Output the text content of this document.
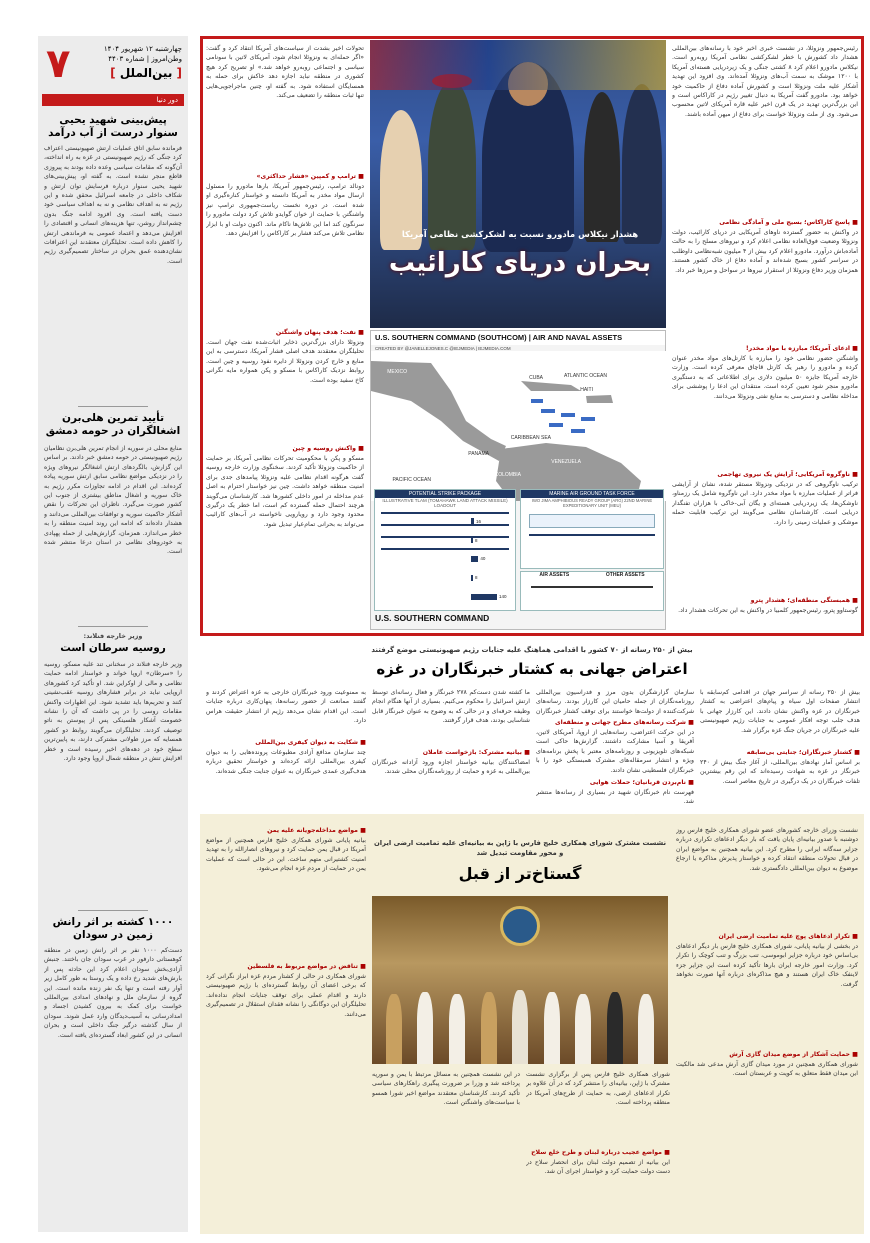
۷	چهارشنبه ۱۲ شهریور ۱۴۰۴
وطن‌امروز | شماره ۴۴۰۳
[ بین‌الملل ]
دور دنیا
پیش‌بینی شهید یحیی سنوار درست از آب درآمد
فرمانده سابق اتاق عملیات ارتش صهیونیستی اعتراف کرد جنگی که رژیم صهیونیستی در غزه به راه انداخته، آن‌گونه که مقامات سیاسی وعده داده بودند به پیروزی قاطع منجر نشده است. به گفته او، پیش‌بینی‌های شهید یحیی سنوار درباره فرسایش توان ارتش و شکاف داخلی در جامعه اسرائیل محقق شده و این رژیم نه به اهداف نظامی و نه به اهداف سیاسی خود دست یافته است. وی افزود ادامه جنگ بدون چشم‌انداز روشن، تنها هزینه‌های انسانی و اقتصادی را افزایش می‌دهد و اعتماد عمومی به فرماندهی ارتش را کاهش داده است. تحلیلگران معتقدند این اعترافات نشان‌دهنده عمق بحران در ساختار تصمیم‌گیری رژیم است.
تأیید تمرین هلی‌برن اشغالگران در حومه دمشق
منابع محلی در سوریه از انجام تمرین هلی‌برن نظامیان رژیم صهیونیستی در حومه دمشق خبر دادند. بر اساس این گزارش، بالگردهای ارتش اشغالگر نیروهای ویژه را در نزدیکی مواضع نظامی سابق ارتش سوریه پیاده کرده‌اند. این اقدام در ادامه تجاوزات مکرر رژیم به خاک سوریه و اشغال مناطق بیشتری از جنوب این کشور صورت می‌گیرد. ناظران این تحرکات را نقض آشکار حاکمیت سوریه و توافقات بین‌المللی می‌دانند و هشدار داده‌اند که ادامه این روند امنیت منطقه را به خطر می‌اندازد. همزمان، گزارش‌هایی از حمله پهپادی به خودروهای نظامی در استان درعا منتشر شده است.
وزیر خارجه فنلاند:
روسیه سرطان است
وزیر خارجه فنلاند در سخنانی تند علیه مسکو، روسیه را «سرطان» اروپا خواند و خواستار ادامه حمایت نظامی و مالی از اوکراین شد. او تأکید کرد کشورهای اروپایی نباید در برابر فشارهای روسیه عقب‌نشینی کنند و تحریم‌ها باید تشدید شود. این اظهارات واکنش مقامات روسی را در پی داشت که آن را نشانه خصومت آشکار هلسینکی پس از پیوستن به ناتو توصیف کردند. تحلیلگران می‌گویند روابط دو کشور همسایه که مرز طولانی مشترکی دارند، به پایین‌ترین سطح خود در دهه‌های اخیر رسیده است و خطر افزایش تنش در منطقه شمال اروپا وجود دارد.
۱۰۰۰ کشته بر اثر رانش زمین در سودان
دست‌کم ۱۰۰۰ نفر بر اثر رانش زمین در منطقه کوهستانی دارفور در غرب سودان جان باختند. جنبش آزادی‌بخش سودان اعلام کرد این حادثه پس از بارش‌های شدید رخ داده و یک روستا به طور کامل زیر آوار رفته است و تنها یک نفر زنده مانده است. این گروه از سازمان ملل و نهادهای امدادی بین‌المللی خواست برای کمک به بیرون کشیدن اجساد و امدادرسانی به آسیب‌دیدگان وارد عمل شوند. سودان از سال گذشته درگیر جنگ داخلی است و بحران انسانی در این کشور ابعاد گسترده‌ای یافته است.
رئیس‌جمهور ونزوئلا، در نشست خبری اخیر خود با رسانه‌های بین‌المللی هشدار داد کشورش با خطر لشکرکشی نظامی آمریکا روبه‌رو است. نیکلاس مادورو اعلام کرد ۸ کشتی جنگی و یک زیردریایی هسته‌ای آمریکا با ۱۲۰۰ موشک به سمت آب‌های ونزوئلا آمده‌اند. وی افزود این تهدید آشکار علیه ملت ونزوئلا است و کشورش آماده دفاع از حاکمیت خود خواهد بود. مادورو گفت آمریکا به دنبال تغییر رژیم در کاراکاس است و این بزرگ‌ترین تهدید در یک قرن اخیر علیه قاره آمریکای لاتین محسوب می‌شود. وی از ملت ونزوئلا خواست برای دفاع از میهن آماده باشند.
■ پاسخ کاراکاس؛ بسیج ملی و آمادگی نظامی
در واکنش به حضور گسترده ناوهای آمریکایی در دریای کارائیب، دولت ونزوئلا وضعیت فوق‌العاده نظامی اعلام کرد و نیروهای مسلح را به حالت آماده‌باش درآورد. مادورو اعلام کرد بیش از ۴ میلیون شبه‌نظامی داوطلب در سراسر کشور بسیج شده‌اند و آماده دفاع از خاک کشور هستند. همزمان وزیر دفاع ونزوئلا از استقرار نیروها در سواحل و مرزها خبر داد.
■ ادعای آمریکا؛ مبارزه با مواد مخدر!
واشنگتن حضور نظامی خود را مبارزه با کارتل‌های مواد مخدر عنوان کرده و مادورو را رهبر یک کارتل قاچاق معرفی کرده است. وزارت خارجه آمریکا جایزه ۵۰ میلیون دلاری برای اطلاعاتی که به دستگیری مادورو منجر شود تعیین کرده است. منتقدان این ادعا را پوششی برای مداخله نظامی و دسترسی به منابع نفتی ونزوئلا می‌دانند.
■ ناوگروه آمریکایی؛ آرایش یک نیروی تهاجمی
ترکیب ناوگروهی که در نزدیکی ونزوئلا مستقر شده، نشان از آرایشی فراتر از عملیات مبارزه با مواد مخدر دارد. این ناوگروه شامل یک رزمناو، ناوشکن‌ها، یک زیردریایی هسته‌ای و یگان آبی-خاکی با هزاران تفنگدار دریایی است. کارشناسان نظامی می‌گویند این ترکیب قابلیت حمله موشکی و عملیات زمینی را دارد.
■ همبستگی منطقه‌ای؛ هشدار پترو
گوستاوو پترو، رئیس‌جمهور کلمبیا در واکنش به این تحرکات هشدار داد.
تحولات اخیر بشدت از سیاست‌های آمریکا انتقاد کرد و گفت: «اگر حمله‌ای به ونزوئلا انجام شود، آمریکای لاتین با سونامی سیاسی و اجتماعی روبه‌رو خواهد شد.» او تصریح کرد هیچ کشوری در منطقه نباید اجازه دهد خاکش برای حمله به همسایگان استفاده شود. به گفته او، چنین ماجراجویی‌هایی تنها ثبات منطقه را تضعیف می‌کند.
■ ترامپ و کمپین «فشار حداکثری»
دونالد ترامپ، رئیس‌جمهور آمریکا، بارها مادورو را مسئول ارسال مواد مخدر به آمریکا دانسته و خواستار کناره‌گیری او شده است. در دوره نخست ریاست‌جمهوری ترامپ نیز واشنگتن با حمایت از خوان گوایدو تلاش کرد دولت مادورو را سرنگون کند اما این تلاش‌ها ناکام ماند. اکنون دولت او با ابزار نظامی تلاش می‌کند فشار بر کاراکاس را افزایش دهد.
■ نفت؛ هدف پنهان واشنگتن
ونزوئلا دارای بزرگ‌ترین ذخایر اثبات‌شده نفت جهان است. تحلیلگران معتقدند هدف اصلی فشار آمریکا، دسترسی به این منابع و خارج کردن ونزوئلا از دایره نفوذ روسیه و چین است. روابط نزدیک کاراکاس با مسکو و پکن همواره مایه نگرانی کاخ سفید بوده است.
■ واکنش روسیه و چین
مسکو و پکن با محکومیت تحرکات نظامی آمریکا، بر حمایت از حاکمیت ونزوئلا تأکید کردند. سخنگوی وزارت خارجه روسیه گفت هرگونه اقدام نظامی علیه ونزوئلا پیامدهای جدی برای امنیت منطقه خواهد داشت. چین نیز خواستار احترام به اصل عدم مداخله در امور داخلی کشورها شد. کارشناسان می‌گویند هرچند احتمال حمله گسترده کم است، اما خطر یک درگیری محدود وجود دارد و رویارویی ناخواسته در آب‌های کارائیب می‌تواند به بحرانی تمام‌عیار تبدیل شود.
هشدار نیکلاس مادورو نسبت به لشکرکشی نظامی آمریکا
بحران دریای کارائیب
U.S. SOUTHERN COMMAND (SOUTHCOM) | AIR AND NAVAL ASSETS
CREATED BY @JANELLEJONES.C @IEJMEDIA | IEJMEDIA.COM
MEXICO
CUBA
HAITI
ATLANTIC OCEAN
CARIBBEAN SEA
PANAMA
COLOMBIA
VENEZUELA
PACIFIC OCEAN
POTENTIAL STRIKE PACKAGE
ILLUSTRATIVE TLAM (TOMAHAWK LAND ATTACK MISSILE) LOADOUT
16
8
40
8
140
MARINE AIR GROUND TASK FORCE
IWO JIMA AMPHIBIOUS READY GROUP (ARG) 22ND MARINE EXPEDITIONARY UNIT (MEU)
AIR ASSETS	OTHER ASSETS
U.S. SOUTHERN COMMAND
بیش از ۲۵۰ رسانه از ۷۰ کشور با اقدامی هماهنگ علیه جنایات رژیم صهیونیستی موضع گرفتند
اعتراض جهانی به کشتار خبرنگاران در غزه
بیش از ۲۵۰ رسانه از سراسر جهان در اقدامی کم‌سابقه با انتشار صفحات اول سیاه و پیام‌های اعتراضی به کشتار خبرنگاران در غزه واکنش نشان دادند. این کارزار جهانی با هدف جلب توجه افکار عمومی به جنایات رژیم صهیونیستی علیه خبرنگاران در جریان جنگ غزه برگزار شد.
■ کشتار خبرنگاران؛ جنایتی بی‌سابقه
بر اساس آمار نهادهای بین‌المللی، از آغاز جنگ بیش از ۲۴۰ خبرنگار در غزه به شهادت رسیده‌اند که این رقم بیشترین تلفات خبرنگاران در یک درگیری در تاریخ معاصر است.
سازمان گزارشگران بدون مرز و فدراسیون بین‌المللی روزنامه‌نگاران از جمله حامیان این کارزار بودند. رسانه‌های شرکت‌کننده از دولت‌ها خواستند برای توقف کشتار خبرنگاران
■ شرکت رسانه‌های مطرح جهانی و منطقه‌ای
در این حرکت اعتراضی، رسانه‌هایی از اروپا، آمریکای لاتین، آفریقا و آسیا مشارکت داشتند. گزارش‌ها حاکی است شبکه‌های تلویزیونی و روزنامه‌های معتبر با پخش برنامه‌های ویژه و انتشار سرمقاله‌های مشترک همبستگی خود را با خبرنگاران فلسطینی نشان دادند.
■ نام‌بردن قربانیان؛ حملات هوایی
فهرست نام خبرنگاران شهید در بسیاری از رسانه‌ها منتشر شد.
ما کشته شدن دست‌کم ۲۷۸ خبرنگار و فعال رسانه‌ای توسط ارتش اسرائیل را محکوم می‌کنیم. بسیاری از آنها هنگام انجام وظیفه حرفه‌ای و در حالی که به وضوح به عنوان خبرنگار قابل شناسایی بودند، هدف قرار گرفتند.
■ بیانیه مشترک: بازخواست عاملان
امضاکنندگان بیانیه خواستار اجازه ورود آزادانه خبرنگاران بین‌المللی به غزه و حمایت از روزنامه‌نگاران محلی شدند.
به ممنوعیت ورود خبرنگاران خارجی به غزه اعتراض کردند و گفتند ممانعت از حضور رسانه‌ها، پنهان‌کاری درباره جنایات است. این اقدام نشان می‌دهد رژیم از انتشار حقیقت هراس دارد.
■ شکایت به دیوان کیفری بین‌المللی
چند سازمان مدافع آزادی مطبوعات پرونده‌هایی را به دیوان کیفری بین‌المللی ارائه کرده‌اند و خواستار تحقیق درباره هدف‌گیری عمدی خبرنگاران به عنوان جنایت جنگی شده‌اند.
نشست مشترک شورای همکاری خلیج فارس با ژاپن به بیانیه‌ای علیه تمامیت ارضی ایران و محور مقاومت تبدیل شد
گستاخ‌تر از قبل
نشست وزرای خارجه کشورهای عضو شورای همکاری خلیج فارس روز دوشنبه با صدور بیانیه‌ای پایان یافت که بار دیگر ادعاهای تکراری درباره جزایر سه‌گانه ایرانی را مطرح کرد. این بیانیه همچنین به مواضع ایران در قبال تحولات منطقه انتقاد کرده و خواستار پذیرش مذاکره یا ارجاع موضوع به دیوان بین‌المللی دادگستری شد.
■ تکرار ادعاهای پوچ علیه تمامیت ارضی ایران
در بخشی از بیانیه پایانی، شورای همکاری خلیج فارس بار دیگر ادعاهای بی‌اساس خود درباره جزایر ابوموسی، تنب بزرگ و تنب کوچک را تکرار کرد. وزارت امور خارجه ایران بارها تأکید کرده است این جزایر جزء لاینفک خاک ایران هستند و هیچ مذاکره‌ای درباره آنها صورت نخواهد گرفت.
■ حمایت آشکار از موضع میدان گازی آرش
شورای همکاری همچنین در مورد میدان گازی آرش مدعی شد مالکیت این میدان فقط متعلق به کویت و عربستان است.
شورای همکاری خلیج فارس پس از برگزاری نشست مشترک با ژاپن، بیانیه‌ای را منتشر کرد که در آن علاوه بر تکرار ادعاهای ارضی، به حمایت از طرح‌های آمریکا در منطقه پرداخته است.
■ مواضع عجیب درباره لبنان و طرح خلع سلاح
این بیانیه از تصمیم دولت لبنان برای انحصار سلاح در دست دولت حمایت کرد و خواستار اجرای آن شد.
در این نشست همچنین به مسائل مرتبط با یمن و سوریه پرداخته شد و وزرا بر ضرورت پیگیری راهکارهای سیاسی تأکید کردند. کارشناسان معتقدند مواضع اخیر شورا همسو با سیاست‌های واشنگتن است.
■ مواضع مداخله‌جویانه علیه یمن
بیانیه پایانی شورای همکاری خلیج فارس همچنین از مواضع آمریکا در قبال یمن حمایت کرد و نیروهای انصارالله را به تهدید امنیت کشتیرانی متهم ساخت. این در حالی است که عملیات یمن در حمایت از مردم غزه انجام می‌شود.
■ تناقض در مواضع مربوط به فلسطین
شورای همکاری در حالی از کشتار مردم غزه ابراز نگرانی کرد که برخی اعضای آن روابط گسترده‌ای با رژیم صهیونیستی دارند و اقدام عملی برای توقف جنایات انجام نداده‌اند. تحلیلگران این دوگانگی را نشانه فقدان استقلال در تصمیم‌گیری می‌دانند.
